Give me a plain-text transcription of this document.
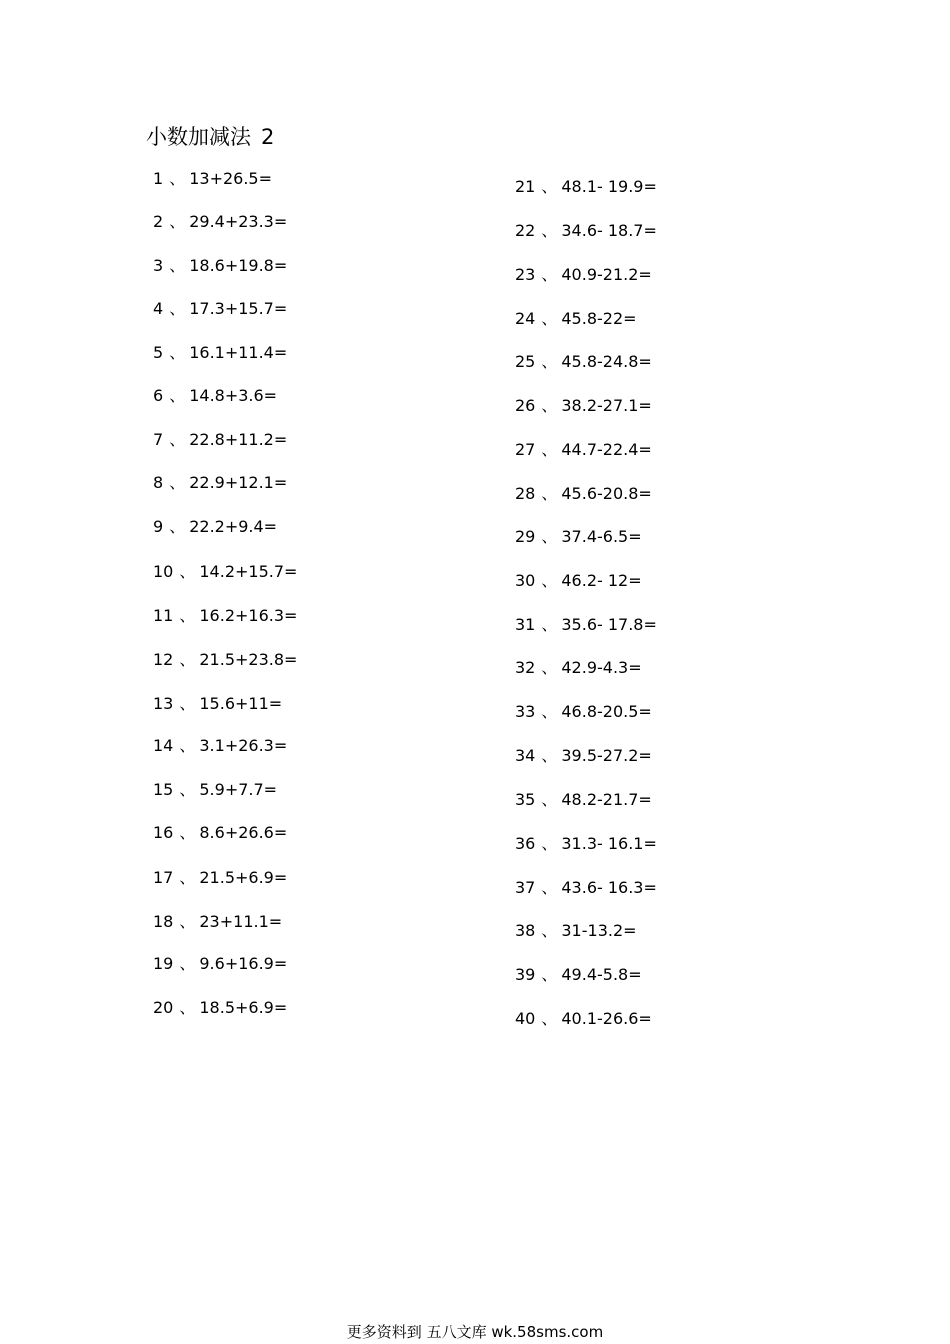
小数加减法 2
1 、 13+26.5=
2 、 29.4+23.3=
3 、 18.6+19.8=
4 、 17.3+15.7=
5 、 16.1+11.4=
6 、 14.8+3.6=
7 、 22.8+11.2=
8 、 22.9+12.1=
9 、 22.2+9.4=
10 、 14.2+15.7=
11 、 16.2+16.3=
12 、 21.5+23.8=
13 、 15.6+11=
14 、 3.1+26.3=
15 、 5.9+7.7=
16 、 8.6+26.6=
17 、 21.5+6.9=
18 、 23+11.1=
19 、 9.6+16.9=
20 、 18.5+6.9=
21 、 48.1- 19.9=
22 、 34.6- 18.7=
23 、 40.9-21.2=
24 、 45.8-22=
25 、 45.8-24.8=
26 、 38.2-27.1=
27 、 44.7-22.4=
28 、 45.6-20.8=
29 、 37.4-6.5=
30 、 46.2- 12=
31 、 35.6- 17.8=
32 、 42.9-4.3=
33 、 46.8-20.5=
34 、 39.5-27.2=
35 、 48.2-21.7=
36 、 31.3- 16.1=
37 、 43.6- 16.3=
38 、 31-13.2=
39 、 49.4-5.8=
40 、 40.1-26.6=
更多资料到 五八文库 wk.58sms.com
